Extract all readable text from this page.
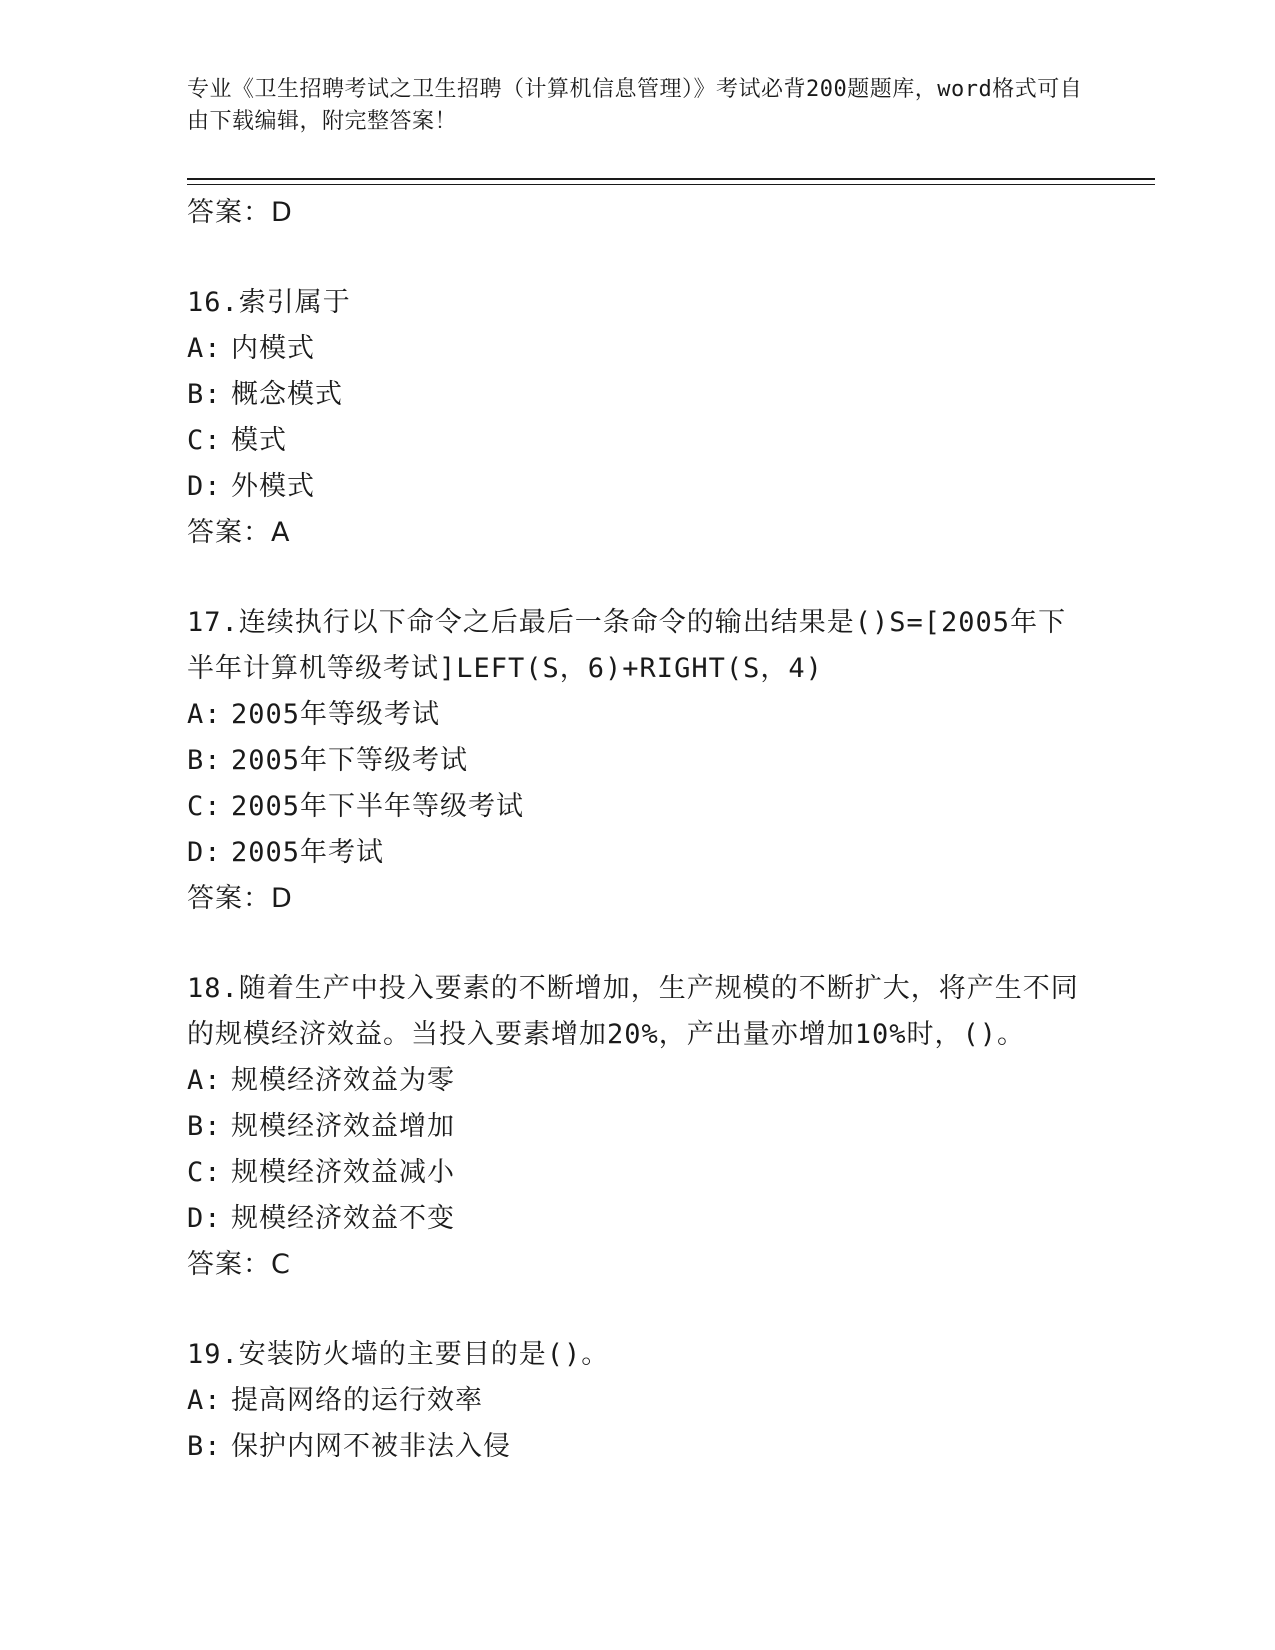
专业《卫生招聘考试之卫生招聘（计算机信息管理）》考试必背200题题库，word格式可自由下载编辑，附完整答案！
答案：D
16.索引属于
A: 内模式
B: 概念模式
C: 模式
D: 外模式
答案：A
17.连续执行以下命令之后最后一条命令的输出结果是()S=[2005年下半年计算机等级考试]LEFT(S，6)+RIGHT(S，4)
A: 2005年等级考试
B: 2005年下等级考试
C: 2005年下半年等级考试
D: 2005年考试
答案：D
18.随着生产中投入要素的不断增加，生产规模的不断扩大，将产生不同的规模经济效益。当投入要素增加20%，产出量亦增加10%时，()。
A: 规模经济效益为零
B: 规模经济效益增加
C: 规模经济效益减小
D: 规模经济效益不变
答案：C
19.安装防火墙的主要目的是()。
A: 提高网络的运行效率
B: 保护内网不被非法入侵
